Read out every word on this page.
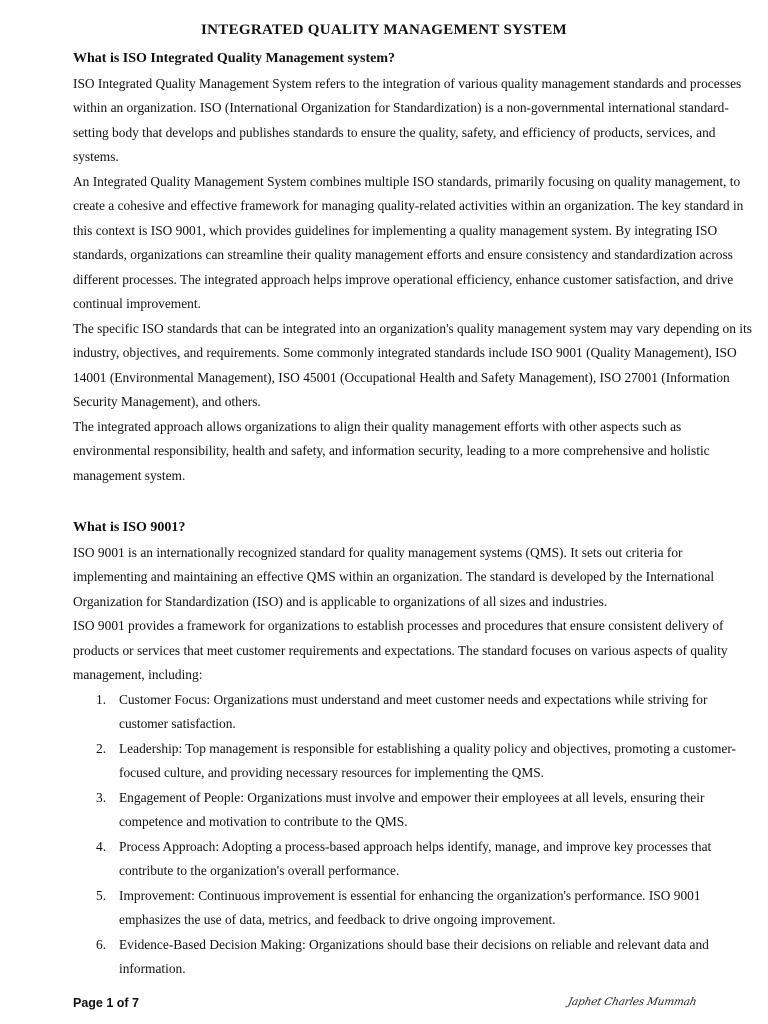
INTEGRATED QUALITY MANAGEMENT SYSTEM

What is ISO Integrated Quality Management system?

ISO Integrated Quality Management System refers to the integration of various quality management standards and processes within an organization. ISO (International Organization for Standardization) is a non-governmental international standard-setting body that develops and publishes standards to ensure the quality, safety, and efficiency of products, services, and systems.

An Integrated Quality Management System combines multiple ISO standards, primarily focusing on quality management, to create a cohesive and effective framework for managing quality-related activities within an organization. The key standard in this context is ISO 9001, which provides guidelines for implementing a quality management system. By integrating ISO standards, organizations can streamline their quality management efforts and ensure consistency and standardization across different processes. The integrated approach helps improve operational efficiency, enhance customer satisfaction, and drive continual improvement.

The specific ISO standards that can be integrated into an organization's quality management system may vary depending on its industry, objectives, and requirements. Some commonly integrated standards include ISO 9001 (Quality Management), ISO 14001 (Environmental Management), ISO 45001 (Occupational Health and Safety Management), ISO 27001 (Information Security Management), and others.

The integrated approach allows organizations to align their quality management efforts with other aspects such as environmental responsibility, health and safety, and information security, leading to a more comprehensive and holistic management system.

What is ISO 9001?

ISO 9001 is an internationally recognized standard for quality management systems (QMS). It sets out criteria for implementing and maintaining an effective QMS within an organization. The standard is developed by the International Organization for Standardization (ISO) and is applicable to organizations of all sizes and industries.

ISO 9001 provides a framework for organizations to establish processes and procedures that ensure consistent delivery of products or services that meet customer requirements and expectations. The standard focuses on various aspects of quality management, including:

1. Customer Focus: Organizations must understand and meet customer needs and expectations while striving for customer satisfaction.
2. Leadership: Top management is responsible for establishing a quality policy and objectives, promoting a customer-focused culture, and providing necessary resources for implementing the QMS.
3. Engagement of People: Organizations must involve and empower their employees at all levels, ensuring their competence and motivation to contribute to the QMS.
4. Process Approach: Adopting a process-based approach helps identify, manage, and improve key processes that contribute to the organization's overall performance.
5. Improvement: Continuous improvement is essential for enhancing the organization's performance. ISO 9001 emphasizes the use of data, metrics, and feedback to drive ongoing improvement.
6. Evidence-Based Decision Making: Organizations should base their decisions on reliable and relevant data and information.
Page 1 of 7	Japhet Charles Mummah
